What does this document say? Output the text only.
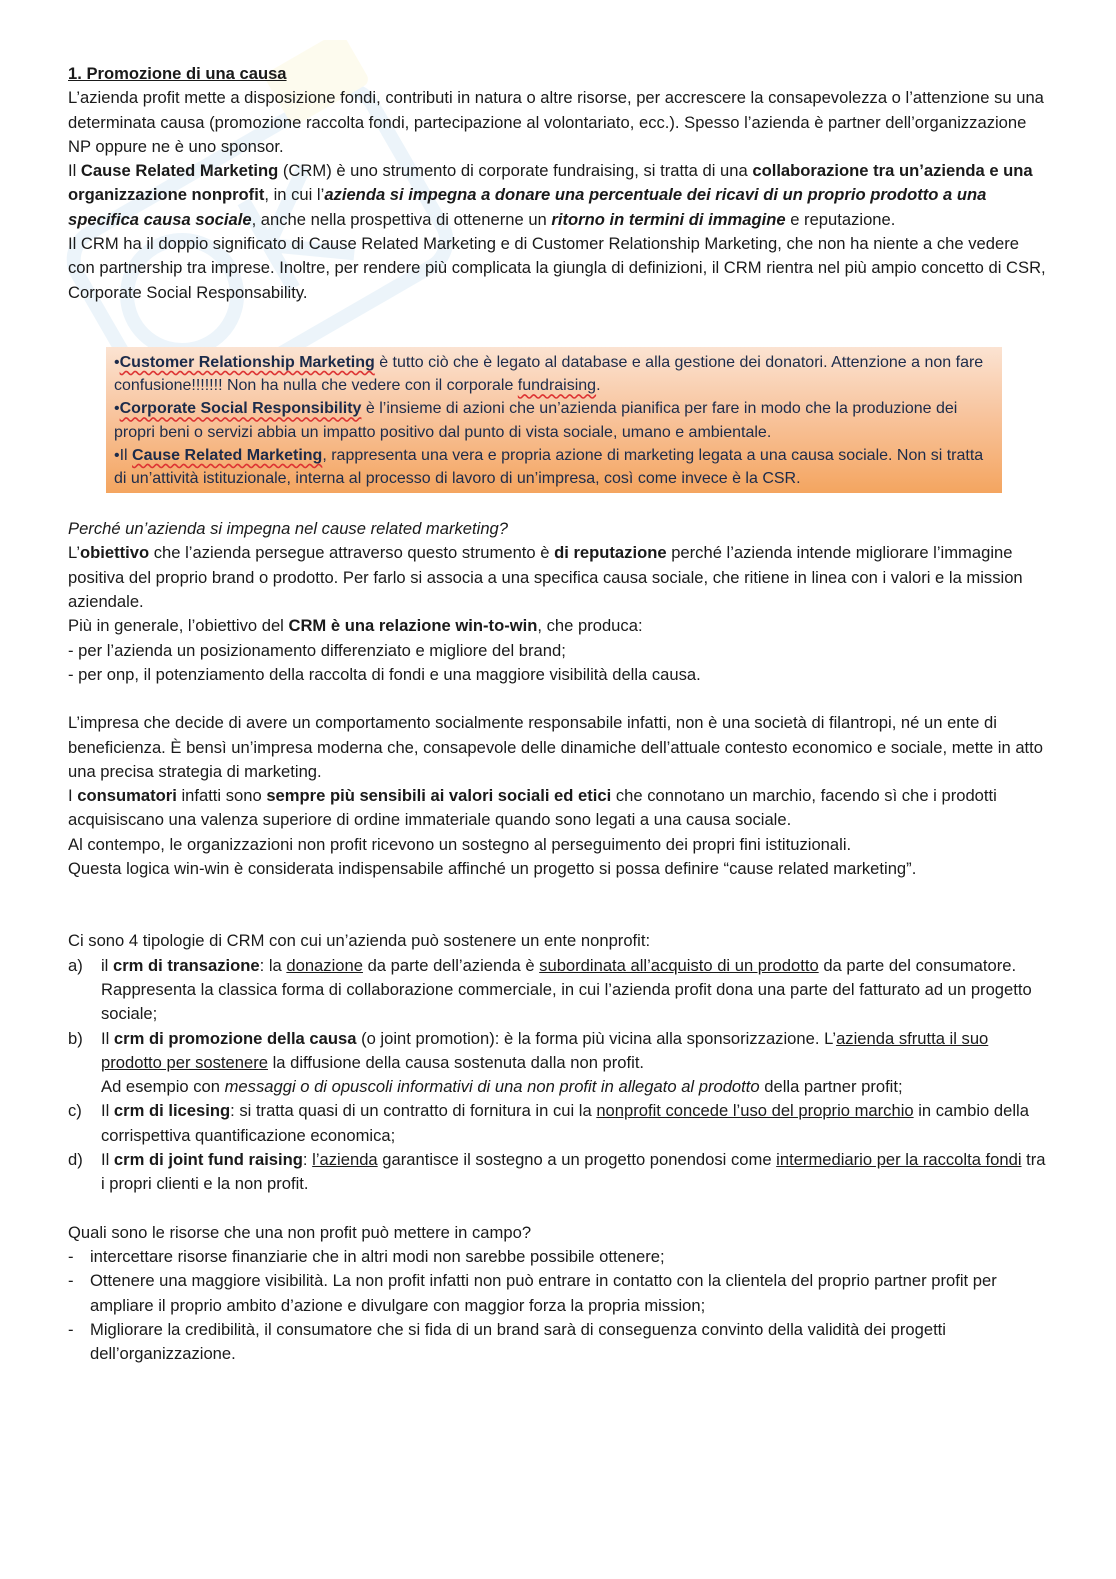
1. Promozione di una causa

L’azienda profit mette a disposizione fondi, contributi in natura o altre risorse, per accrescere la consapevolezza o l’attenzione su una determinata causa (promozione raccolta fondi, partecipazione al volontariato, ecc.). Spesso l’azienda è partner dell’organizzazione NP oppure ne è uno sponsor.

Il Cause Related Marketing (CRM) è uno strumento di corporate fundraising, si tratta di una collaborazione tra un’azienda e una organizzazione nonprofit, in cui l’azienda si impegna a donare una percentuale dei ricavi di un proprio prodotto a una specifica causa sociale, anche nella prospettiva di ottenerne un ritorno in termini di immagine e reputazione.

Il CRM ha il doppio significato di Cause Related Marketing e di Customer Relationship Marketing, che non ha niente a che vedere con partnership tra imprese. Inoltre, per rendere più complicata la giungla di definizioni, il CRM rientra nel più ampio concetto di CSR, Corporate Social Responsability.

•Customer Relationship Marketing è tutto ciò che è legato al database e alla gestione dei donatori. Attenzione a non fare confusione!!!!!!! Non ha nulla che vedere con il corporale fundraising.

•Corporate Social Responsibility è l’insieme di azioni che un’azienda pianifica per fare in modo che la produzione dei propri beni o servizi abbia un impatto positivo dal punto di vista sociale, umano e ambientale.

•Il Cause Related Marketing, rappresenta una vera e propria azione di marketing legata a una causa sociale. Non si tratta di un’attività istituzionale, interna al processo di lavoro di un’impresa, così come invece è la CSR.

Perché un’azienda si impegna nel cause related marketing?

L’obiettivo che l’azienda persegue attraverso questo strumento è di reputazione perché l’azienda intende migliorare l’immagine positiva del proprio brand o prodotto. Per farlo si associa a una specifica causa sociale, che ritiene in linea con i valori e la mission aziendale.

Più in generale, l’obiettivo del CRM è una relazione win-to-win, che produca:

- per l’azienda un posizionamento differenziato e migliore del brand;

- per onp, il potenziamento della raccolta di fondi e una maggiore visibilità della causa.

L’impresa che decide di avere un comportamento socialmente responsabile infatti, non è una società di filantropi, né un ente di beneficienza. È bensì un’impresa moderna che, consapevole delle dinamiche dell’attuale contesto economico e sociale, mette in atto una precisa strategia di marketing.

I consumatori infatti sono sempre più sensibili ai valori sociali ed etici che connotano un marchio, facendo sì che i prodotti acquisiscano una valenza superiore di ordine immateriale quando sono legati a una causa sociale.

Al contempo, le organizzazioni non profit ricevono un sostegno al perseguimento dei propri fini istituzionali.

Questa logica win-win è considerata indispensabile affinché un progetto si possa definire “cause related marketing”.

Ci sono 4 tipologie di CRM con cui un’azienda può sostenere un ente nonprofit:

a)	il crm di transazione: la donazione da parte dell’azienda è subordinata all’acquisto di un prodotto da parte del consumatore. Rappresenta la classica forma di collaborazione commerciale, in cui l’azienda profit dona una parte del fatturato ad un progetto sociale;

b)	Il crm di promozione della causa (o joint promotion): è la forma più vicina alla sponsorizzazione. L’azienda sfrutta il suo prodotto per sostenere la diffusione della causa sostenuta dalla non profit.

Ad esempio con messaggi o di opuscoli informativi di una non profit in allegato al prodotto della partner profit;

c)	Il crm di licesing: si tratta quasi di un contratto di fornitura in cui la nonprofit concede l’uso del proprio marchio in cambio della corrispettiva quantificazione economica;

d)	Il crm di joint fund raising: l’azienda garantisce il sostegno a un progetto ponendosi come intermediario per la raccolta fondi tra i propri clienti e la non profit.

Quali sono le risorse che una non profit può mettere in campo?

- intercettare risorse finanziarie che in altri modi non sarebbe possibile ottenere;

- Ottenere una maggiore visibilità. La non profit infatti non può entrare in contatto con la clientela del proprio partner profit per ampliare il proprio ambito d’azione e divulgare con maggior forza la propria mission;

- Migliorare la credibilità, il consumatore che si fida di un brand sarà di conseguenza convinto della validità dei progetti dell’organizzazione.
